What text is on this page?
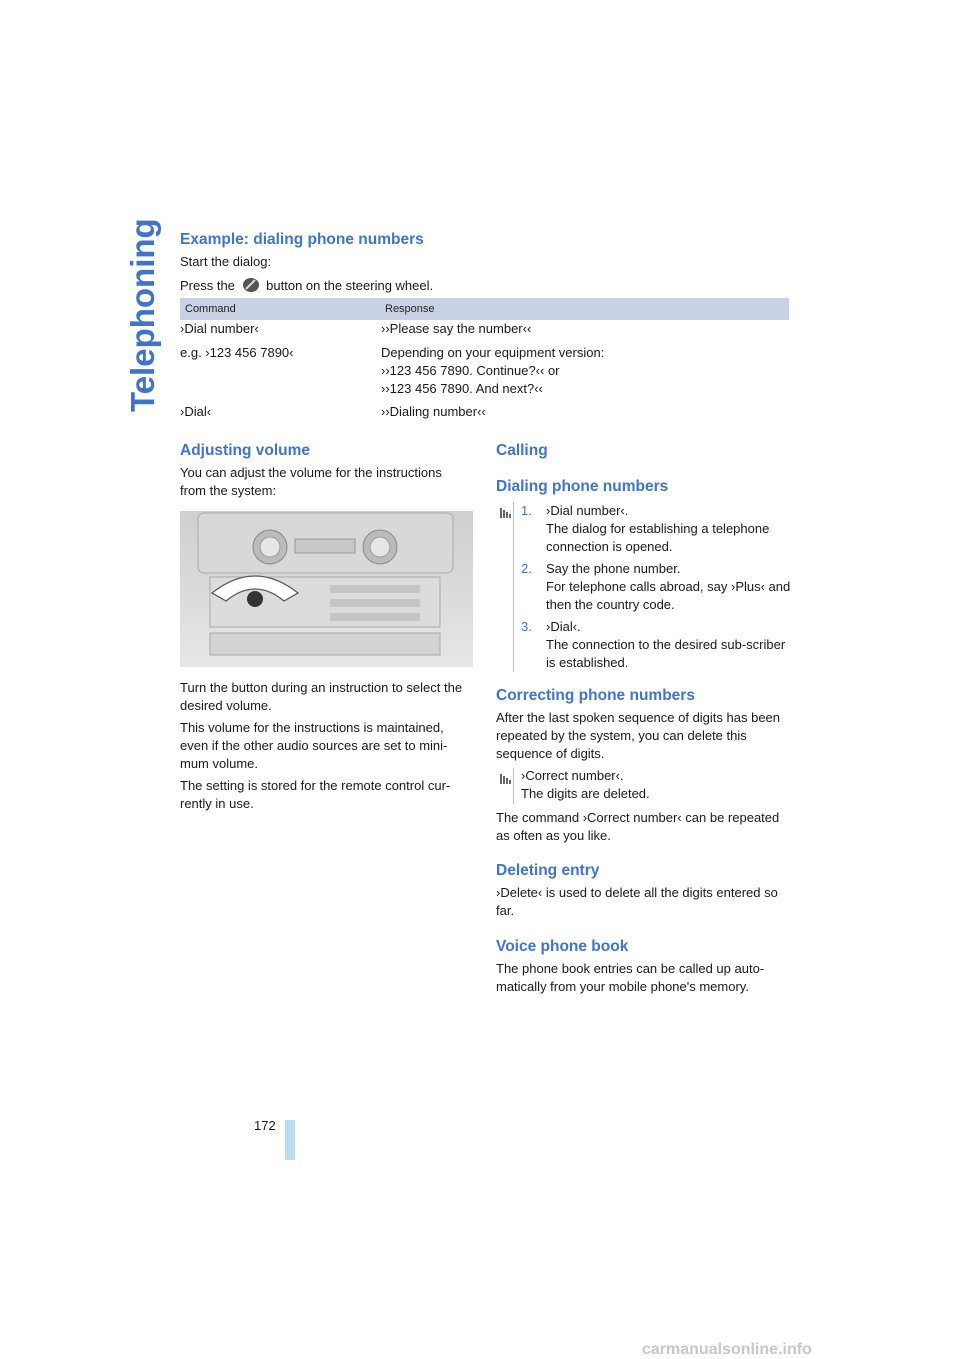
Telephoning Example: dialing phone numbers

Start the dialog:

Press the button on the steering wheel.
Command	Response
›Dial number‹	››Please say the number‹‹
e.g. ›123 456 7890‹	Depending on your equipment version:
››123 456 7890. Continue?‹‹ or
››123 456 7890. And next?‹‹
›Dial‹	››Dialing number‹‹
Adjusting volume

You can adjust the volume for the instructions from the system:

Turn the button during an instruction to select the desired volume.

This volume for the instructions is maintained, even if the other audio sources are set to mini-mum volume.

The setting is stored for the remote control cur-rently in use.

Calling
Dialing phone numbers
1. ›Dial number‹.
The dialog for establishing a telephone connection is opened.
2. Say the phone number.
For telephone calls abroad, say ›Plus‹ and then the country code.
3. ›Dial‹.
The connection to the desired sub-scriber is established.
Correcting phone numbers

After the last spoken sequence of digits has been repeated by the system, you can delete this sequence of digits.

›Correct number‹.
The digits are deleted.

The command ›Correct number‹ can be repeated as often as you like.

Deleting entry

›Delete‹ is used to delete all the digits entered so far.

Voice phone book

The phone book entries can be called up auto-matically from your mobile phone's memory.

172
carmanualsonline.info
